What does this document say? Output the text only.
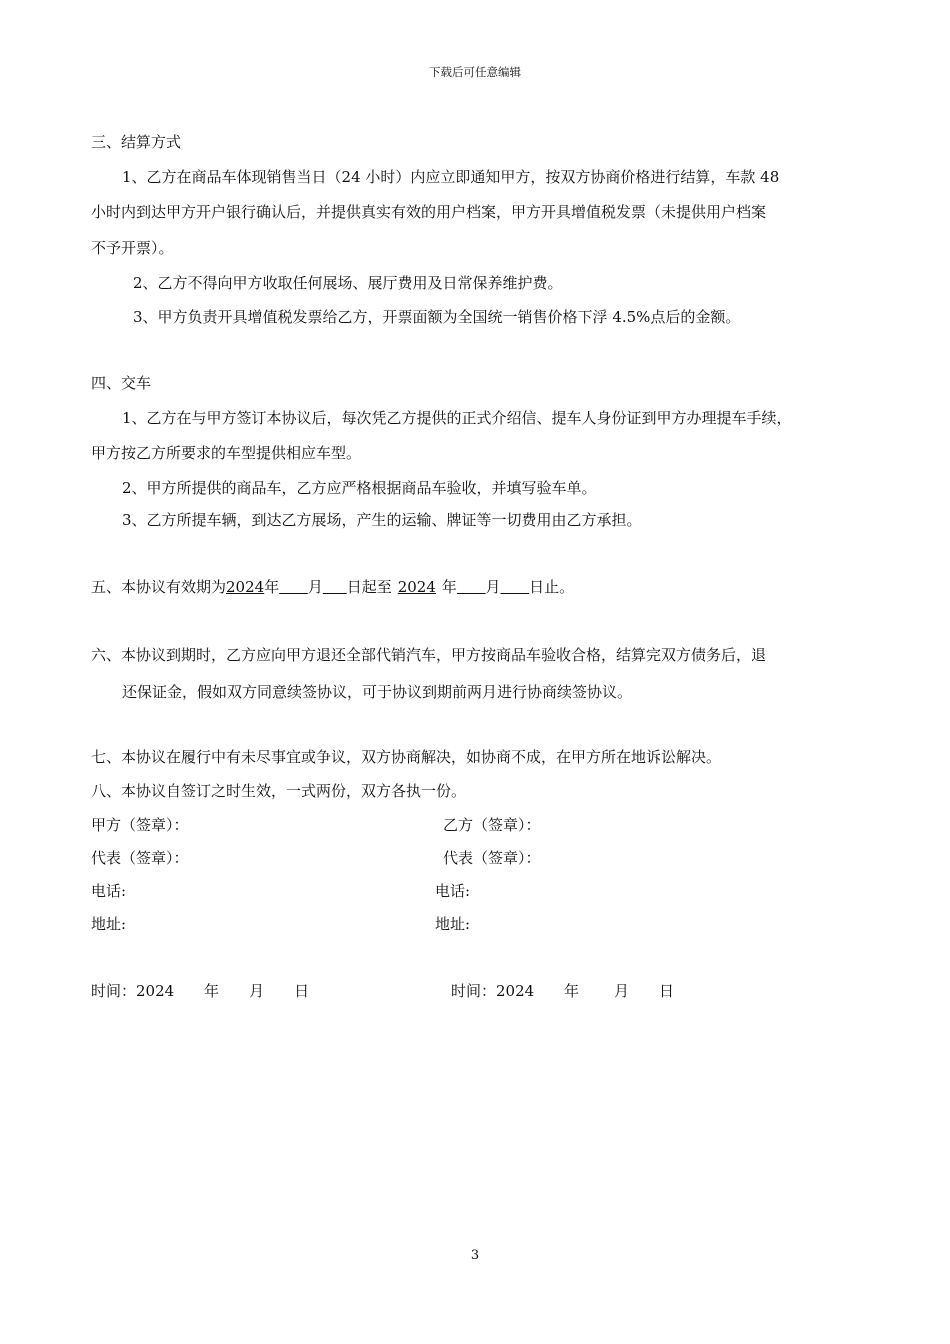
下载后可任意编辑
三、结算方式
1、乙方在商品车体现销售当日（24 小时）内应立即通知甲方，按双方协商价格进行结算，车款 48
小时内到达甲方开户银行确认后，并提供真实有效的用户档案，甲方开具增值税发票（未提供用户档案
不予开票）。
2、乙方不得向甲方收取任何展场、展厅费用及日常保养维护费。
3、甲方负责开具增值税发票给乙方，开票面额为全国统一销售价格下浮 4.5%点后的金额。
四、交车
1、乙方在与甲方签订本协议后，每次凭乙方提供的正式介绍信、提车人身份证到甲方办理提车手续，
甲方按乙方所要求的车型提供相应车型。
2、甲方所提供的商品车，乙方应严格根据商品车验收，并填写验车单。
3、乙方所提车辆，到达乙方展场，产生的运输、牌证等一切费用由乙方承担。
五、本协议有效期为2024年 月 日起至 2024 年 月 日止。
六、本协议到期时，乙方应向甲方退还全部代销汽车，甲方按商品车验收合格，结算完双方债务后，退
还保证金，假如双方同意续签协议，可于协议到期前两月进行协商续签协议。
七、本协议在履行中有未尽事宜或争议，双方协商解决，如协商不成，在甲方所在地诉讼解决。
八、本协议自签订之时生效，一式两份，双方各执一份。
甲方（签章）：	乙方（签章）：
代表（签章）：	代表（签章）：
电话:	电话:
地址:	地址:
时间：2024　　年　　月　　日	时间：2024　　年　　 月　　日
3
